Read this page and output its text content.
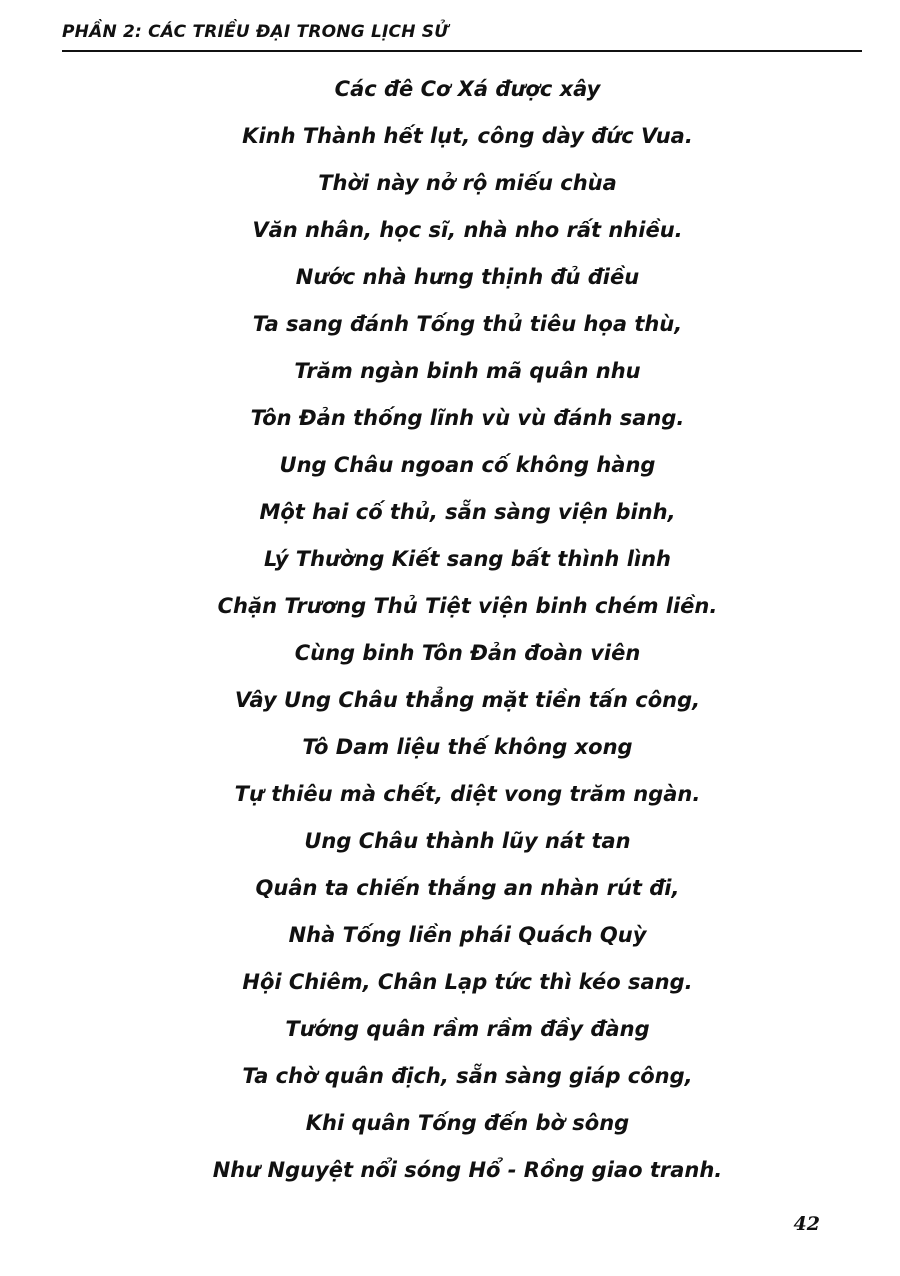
PHẦN 2: CÁC TRIỀU ĐẠI TRONG LỊCH SỬ
Các đê Cơ Xá được xây
Kinh Thành hết lụt, công dày đức Vua.
Thời này nở rộ miếu chùa
Văn nhân, học sĩ, nhà nho rất nhiều.
Nước nhà hưng thịnh đủ điều
Ta sang đánh Tống thủ tiêu họa thù,
Trăm ngàn binh mã quân nhu
Tôn Đản thống lĩnh vù vù đánh sang.
Ung Châu ngoan cố không hàng
Một hai cố thủ, sẵn sàng viện binh,
Lý Thường Kiết sang bất thình lình
Chặn Trương Thủ Tiệt viện binh chém liền.
Cùng binh Tôn Đản đoàn viên
Vây Ung Châu thẳng mặt tiền tấn công,
Tô Dam liệu thế không xong
Tự thiêu mà chết, diệt vong trăm ngàn.
Ung Châu thành lũy nát tan
Quân ta chiến thắng an nhàn rút đi,
Nhà Tống liền phái Quách Quỳ
Hội Chiêm, Chân Lạp tức thì kéo sang.
Tướng quân rầm rầm đầy đàng
Ta chờ quân địch, sẵn sàng giáp công,
Khi quân Tống đến bờ sông
Như Nguyệt nổi sóng Hổ - Rồng giao tranh.
42
